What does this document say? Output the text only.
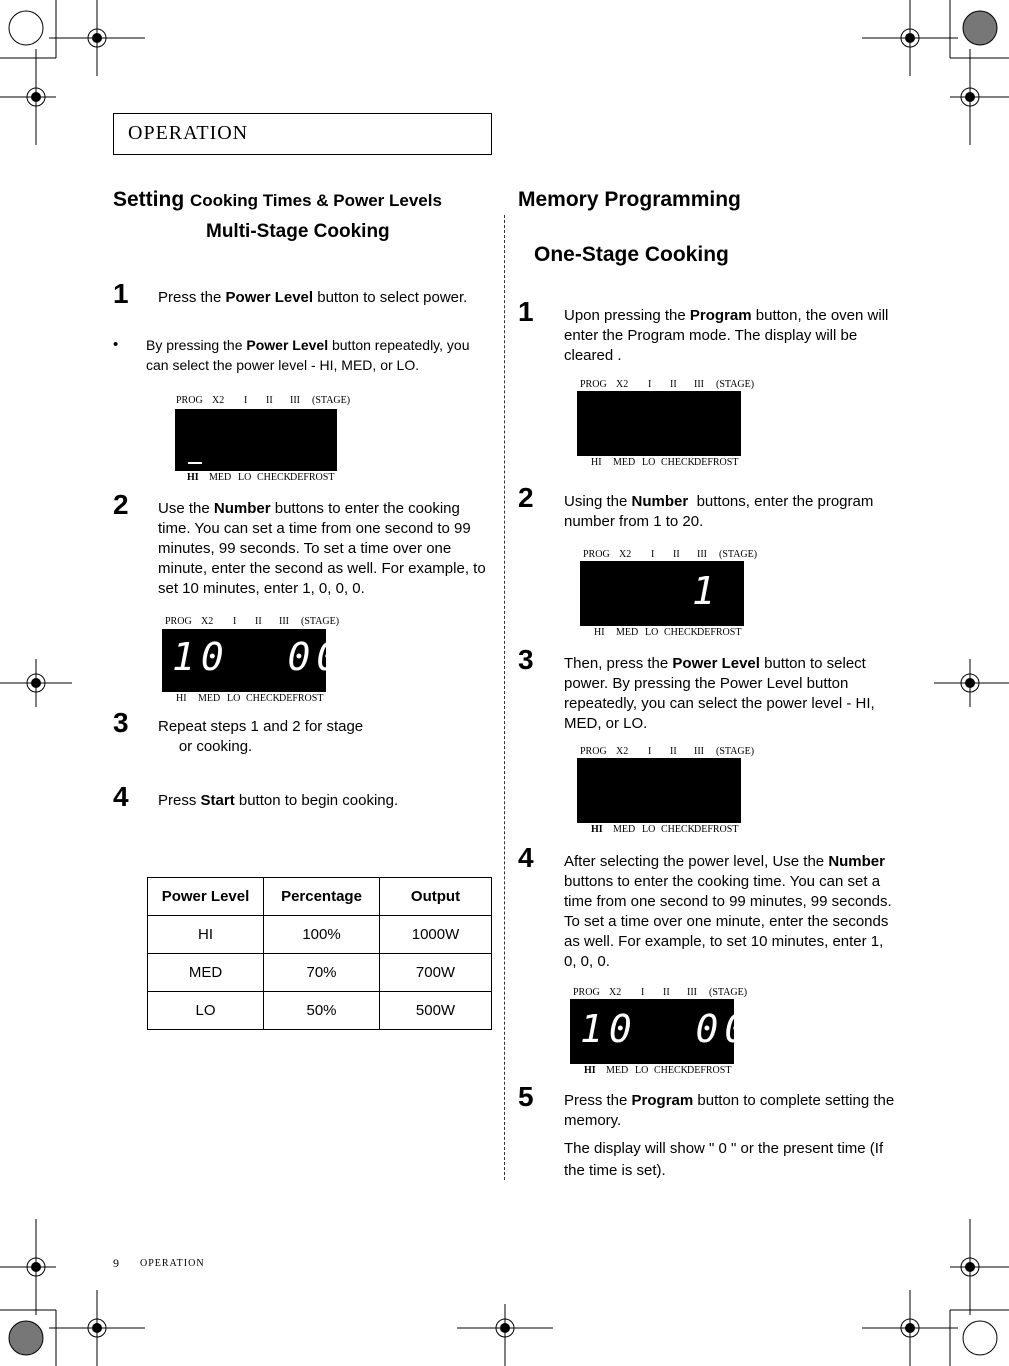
OPERATION
Setting Cooking Times & Power Levels
Multi-Stage Cooking
1 Press the Power Level button to select power.
• By pressing the Power Level button repeatedly, you can select the power level - HI, MED, or LO.
PROG X2 I II III (STAGE)
HI MED LO CHECK DEFROST
2 Use the Number buttons to enter the cooking time. You can set a time from one second to 99 minutes, 99 seconds. To set a time over one minute, enter the second as well. For example, to set 10 minutes, enter 1, 0, 0, 0.
PROG X2 I II III (STAGE)
10  00
HI MED LO CHECK DEFROST
3 Repeat steps 1 and 2 for stage     or cooking.
4 Press Start button to begin cooking.
Power Level	Percentage	Output
HI	100%	1000W
MED	70%	700W
LO	50%	500W
Memory Programming
One-Stage Cooking
1 Upon pressing the Program button, the oven will enter the Program mode. The display will be cleared .
PROG X2 I II III (STAGE)
HI MED LO CHECK DEFROST
2 Using the Number  buttons, enter the program number from 1 to 20.
PROG X2 I II III (STAGE)
1
HI MED LO CHECK DEFROST
3 Then, press the Power Level button to select power. By pressing the Power Level button repeatedly, you can select the power level - HI, MED, or LO.
PROG X2 I II III (STAGE)
HI MED LO CHECK DEFROST
4 After selecting the power level, Use the Number buttons to enter the cooking time. You can set a time from one second to 99 minutes, 99 seconds. To set a time over one minute, enter the seconds as well. For example, to set 10 minutes, enter 1, 0, 0, 0.
PROG X2 I II III (STAGE)
10  00
HI MED LO CHECK DEFROST
5 Press the Program button to complete setting the memory.
The display will show " 0 " or the present time (If the time is set).
9 OPERATION
